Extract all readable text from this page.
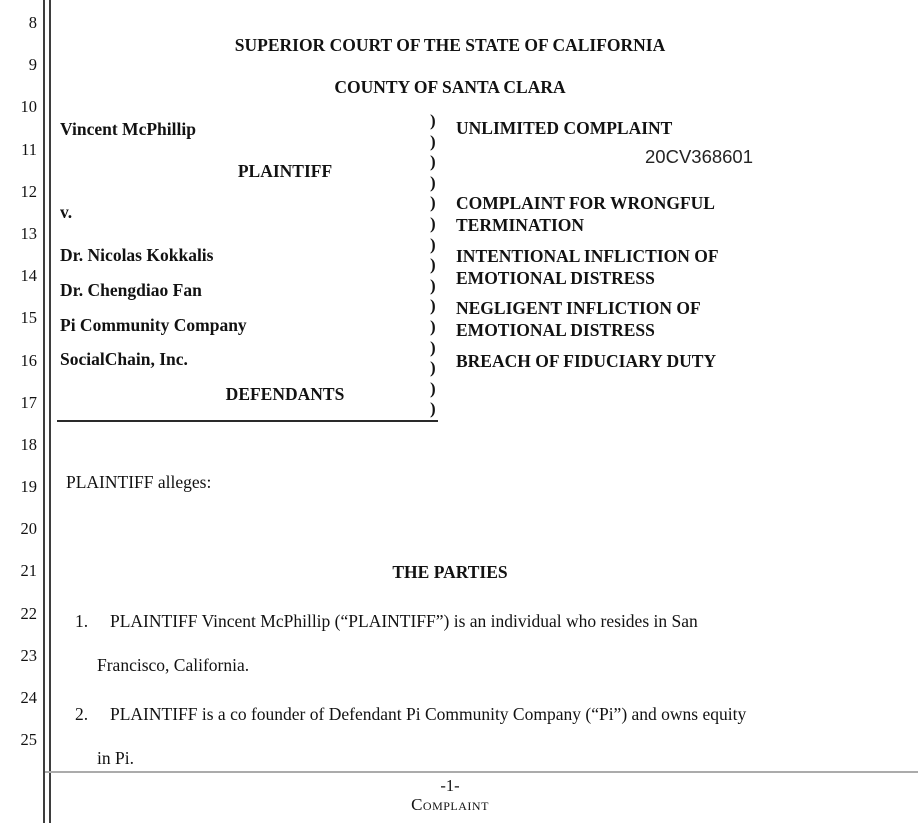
8
9
10
11
12
13
14
15
16
17
18
19
20
21
22
23
24
25
SUPERIOR COURT OF THE STATE OF CALIFORNIA
COUNTY OF SANTA CLARA
Vincent McPhillip
PLAINTIFF
v.
Dr. Nicolas Kokkalis
Dr. Chengdiao Fan
Pi Community Company
SocialChain, Inc.
DEFENDANTS
)
)
)
)
)
)
)
)
)
)
)
)
)
)
)
UNLIMITED COMPLAINT
20CV368601
COMPLAINT FOR WRONGFUL
TERMINATION
INTENTIONAL INFLICTION OF
EMOTIONAL DISTRESS
NEGLIGENT INFLICTION OF
EMOTIONAL DISTRESS
BREACH OF FIDUCIARY DUTY
PLAINTIFF alleges:
THE PARTIES
1. PLAINTIFF Vincent McPhillip (“PLAINTIFF”) is an individual who resides in San
Francisco, California.
2. PLAINTIFF is a co founder of Defendant Pi Community Company (“Pi”) and owns equity
in Pi.
-1-
Complaint
